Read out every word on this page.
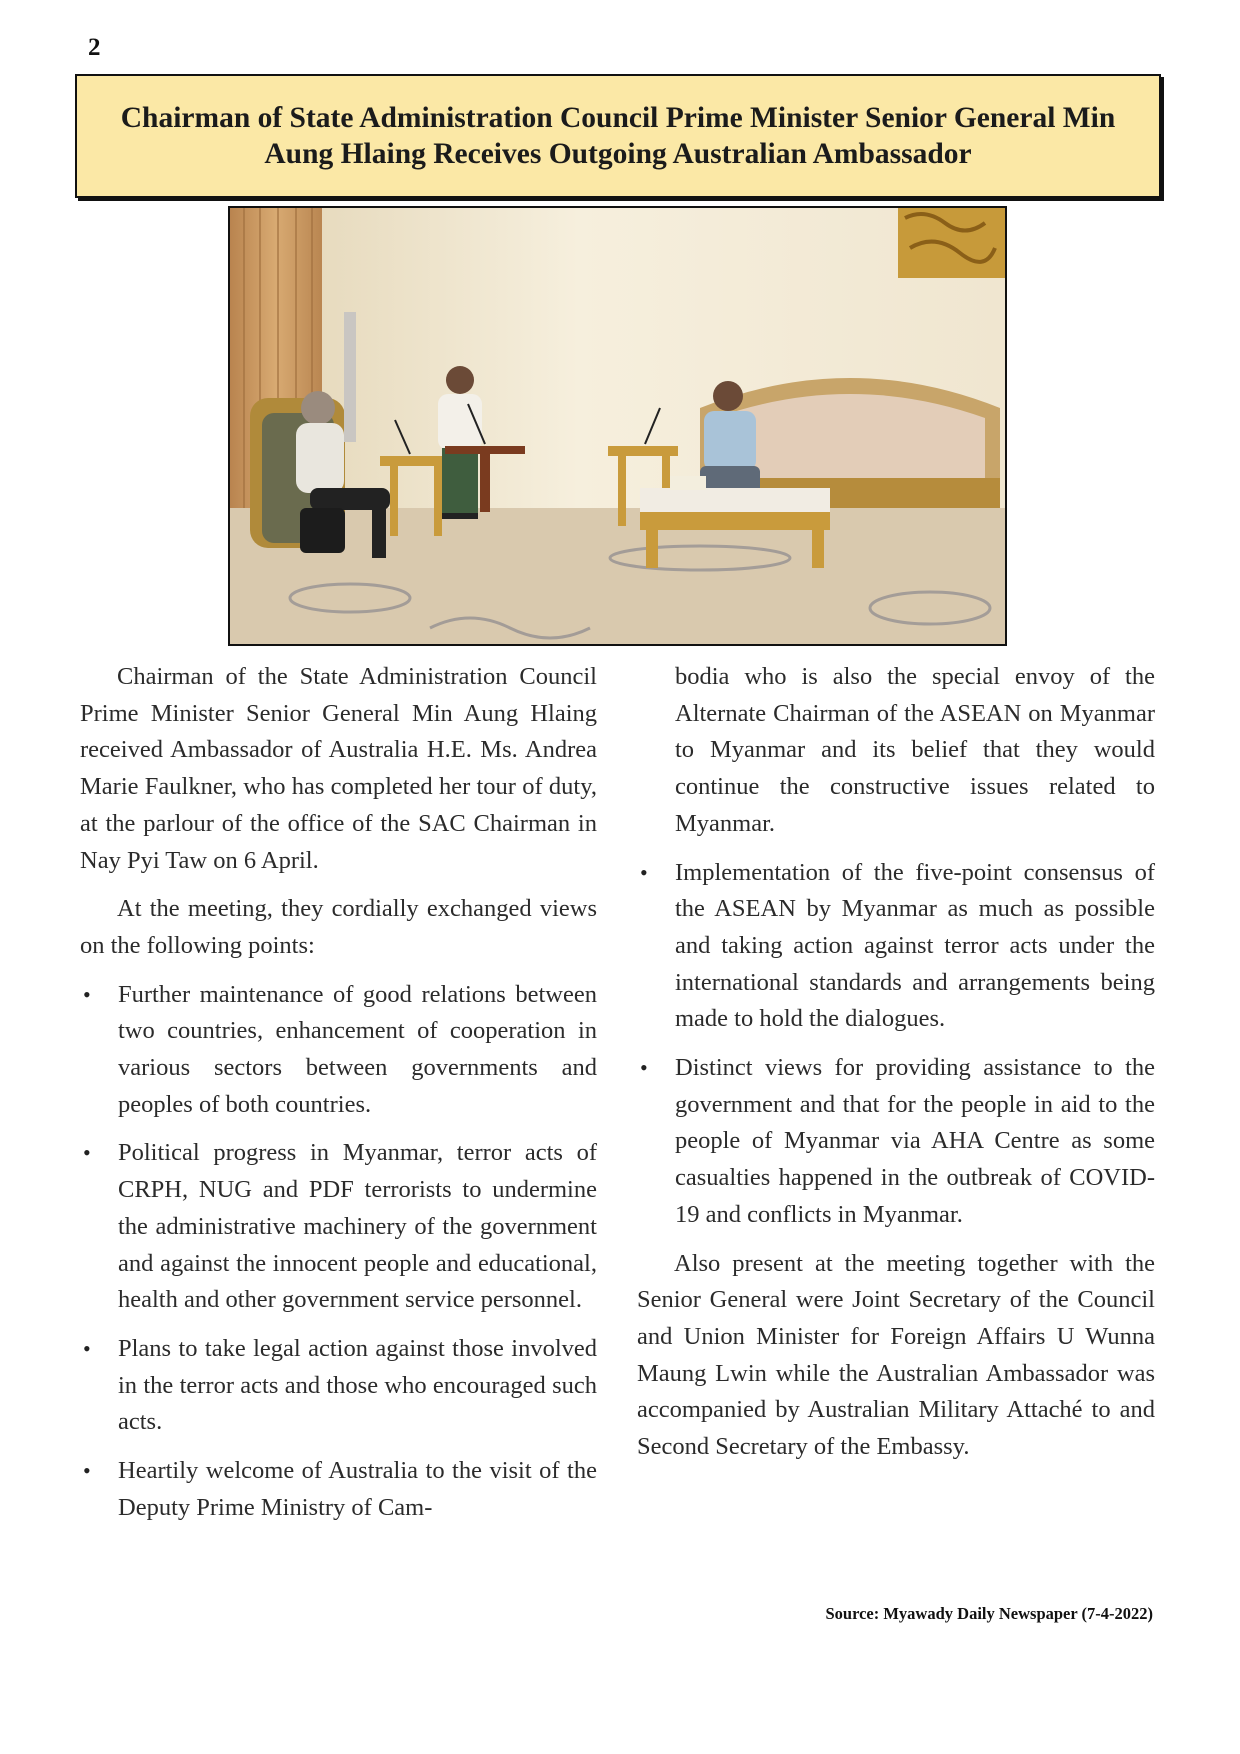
2
Chairman of State Administration Council Prime Minister Senior General Min Aung Hlaing Receives Outgoing Australian Ambassador

Chairman of the State Administration Council Prime Minister Senior General Min Aung Hlaing received Ambassador of Australia H.E. Ms. Andrea Marie Faulkner, who has completed her tour of duty, at the parlour of the office of the SAC Chairman in Nay Pyi Taw on 6 April.

At the meeting, they cordially exchanged views on the following points:

• Further maintenance of good relations between two countries, enhancement of cooperation in various sectors between governments and peoples of both countries.
• Political progress in Myanmar, terror acts of CRPH, NUG and PDF terrorists to undermine the administrative machinery of the government and against the innocent people and educational, health and other government service personnel.
• Plans to take legal action against those involved in the terror acts and those who encouraged such acts.
• Heartily welcome of Australia to the visit of the Deputy Prime Ministry of Cam-
bodia who is also the special envoy of the Alternate Chairman of the ASEAN on Myanmar to Myanmar and its belief that they would continue the constructive issues related to Myanmar.
• Implementation of the five-point consensus of the ASEAN by Myanmar as much as possible and taking action against terror acts under the international standards and arrangements being made to hold the dialogues.
• Distinct views for providing assistance to the government and that for the people in aid to the people of Myanmar via AHA Centre as some casualties happened in the outbreak of COVID-19 and conflicts in Myanmar.

Also present at the meeting together with the Senior General were Joint Secretary of the Council and Union Minister for Foreign Affairs U Wunna Maung Lwin while the Australian Ambassador was accompanied by Australian Military Attaché to and Second Secretary of the Embassy.

Source: Myawady Daily Newspaper (7-4-2022)
